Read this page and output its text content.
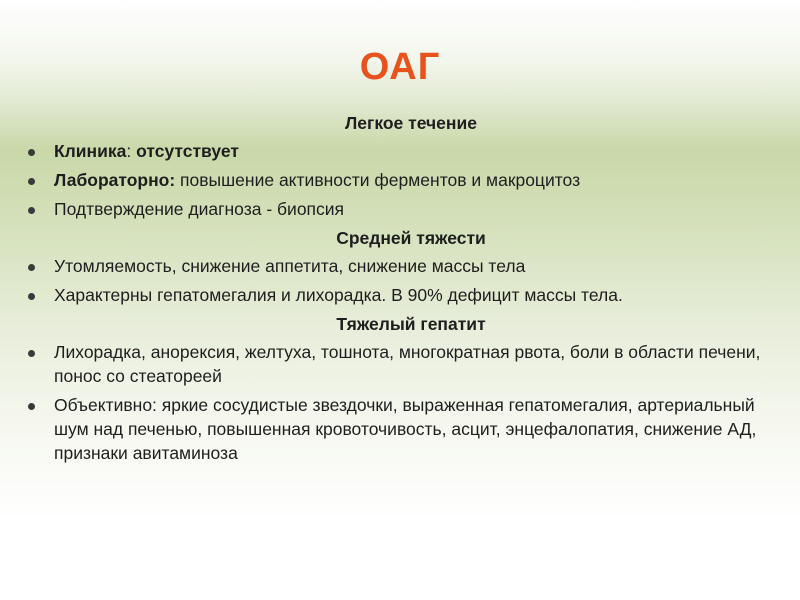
ОАГ
Легкое течение
Клиника: отсутствует
Лабораторно: повышение активности ферментов и макроцитоз
Подтверждение диагноза - биопсия
Средней тяжести
Утомляемость, снижение аппетита, снижение массы тела
Характерны гепатомегалия и лихорадка. В 90% дефицит массы тела.
Тяжелый гепатит
Лихорадка, анорексия, желтуха, тошнота, многократная рвота, боли в области печени, понос со стеатореей
Объективно: яркие сосудистые звездочки, выраженная гепатомегалия, артериальный шум над печенью, повышенная кровоточивость, асцит, энцефалопатия, снижение АД, признаки авитаминоза
